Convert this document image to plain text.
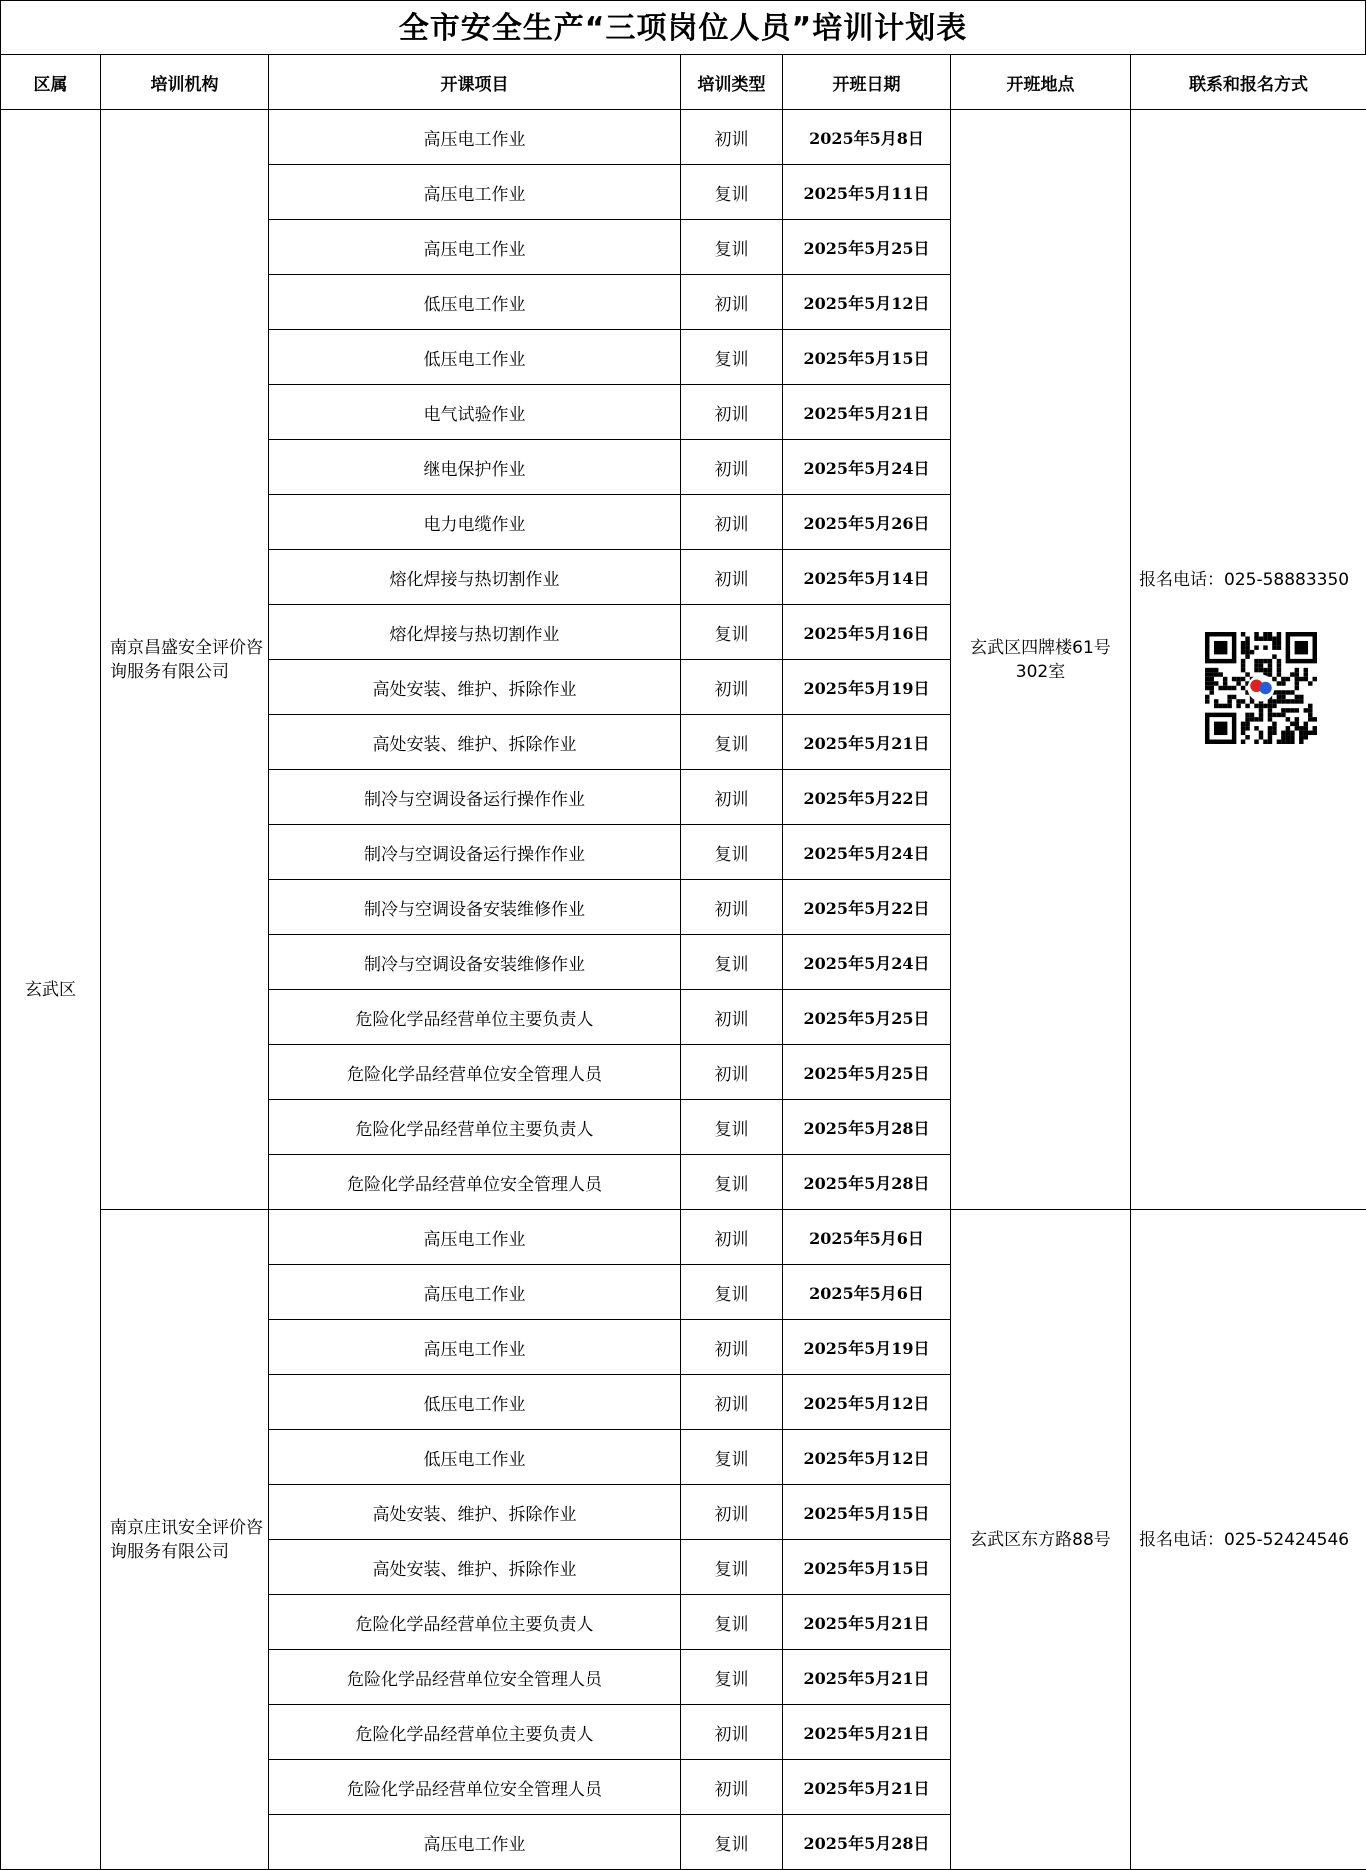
全市安全生产“三项岗位人员”培训计划表
区属	培训机构	开课项目	培训类型	开班日期	开班地点	联系和报名方式
玄武区	南京昌盛安全评价咨询服务有限公司	高压电工作业	初训	2025年5月8日	玄武区四牌楼61号302室	报名电话：025-58883350

		高压电工作业	复训	2025年5月11日		
		高压电工作业	复训	2025年5月25日		
		低压电工作业	初训	2025年5月12日		
		低压电工作业	复训	2025年5月15日		
		电气试验作业	初训	2025年5月21日		
		继电保护作业	初训	2025年5月24日		
		电力电缆作业	初训	2025年5月26日		
		熔化焊接与热切割作业	初训	2025年5月14日		
		熔化焊接与热切割作业	复训	2025年5月16日		
		高处安装、维护、拆除作业	初训	2025年5月19日		
		高处安装、维护、拆除作业	复训	2025年5月21日		
		制冷与空调设备运行操作作业	初训	2025年5月22日		
		制冷与空调设备运行操作作业	复训	2025年5月24日		
		制冷与空调设备安装维修作业	初训	2025年5月22日		
		制冷与空调设备安装维修作业	复训	2025年5月24日		
		危险化学品经营单位主要负责人	初训	2025年5月25日		
		危险化学品经营单位安全管理人员	初训	2025年5月25日		
		危险化学品经营单位主要负责人	复训	2025年5月28日		
		危险化学品经营单位安全管理人员	复训	2025年5月28日		
	南京庄讯安全评价咨询服务有限公司	高压电工作业	初训	2025年5月6日	玄武区东方路88号	报名电话：025-52424546

		高压电工作业	复训	2025年5月6日		
		高压电工作业	初训	2025年5月19日		
		低压电工作业	初训	2025年5月12日		
		低压电工作业	复训	2025年5月12日		
		高处安装、维护、拆除作业	初训	2025年5月15日		
		高处安装、维护、拆除作业	复训	2025年5月15日		
		危险化学品经营单位主要负责人	复训	2025年5月21日		
		危险化学品经营单位安全管理人员	复训	2025年5月21日		
		危险化学品经营单位主要负责人	初训	2025年5月21日		
		危险化学品经营单位安全管理人员	初训	2025年5月21日		
		高压电工作业	复训	2025年5月28日		
